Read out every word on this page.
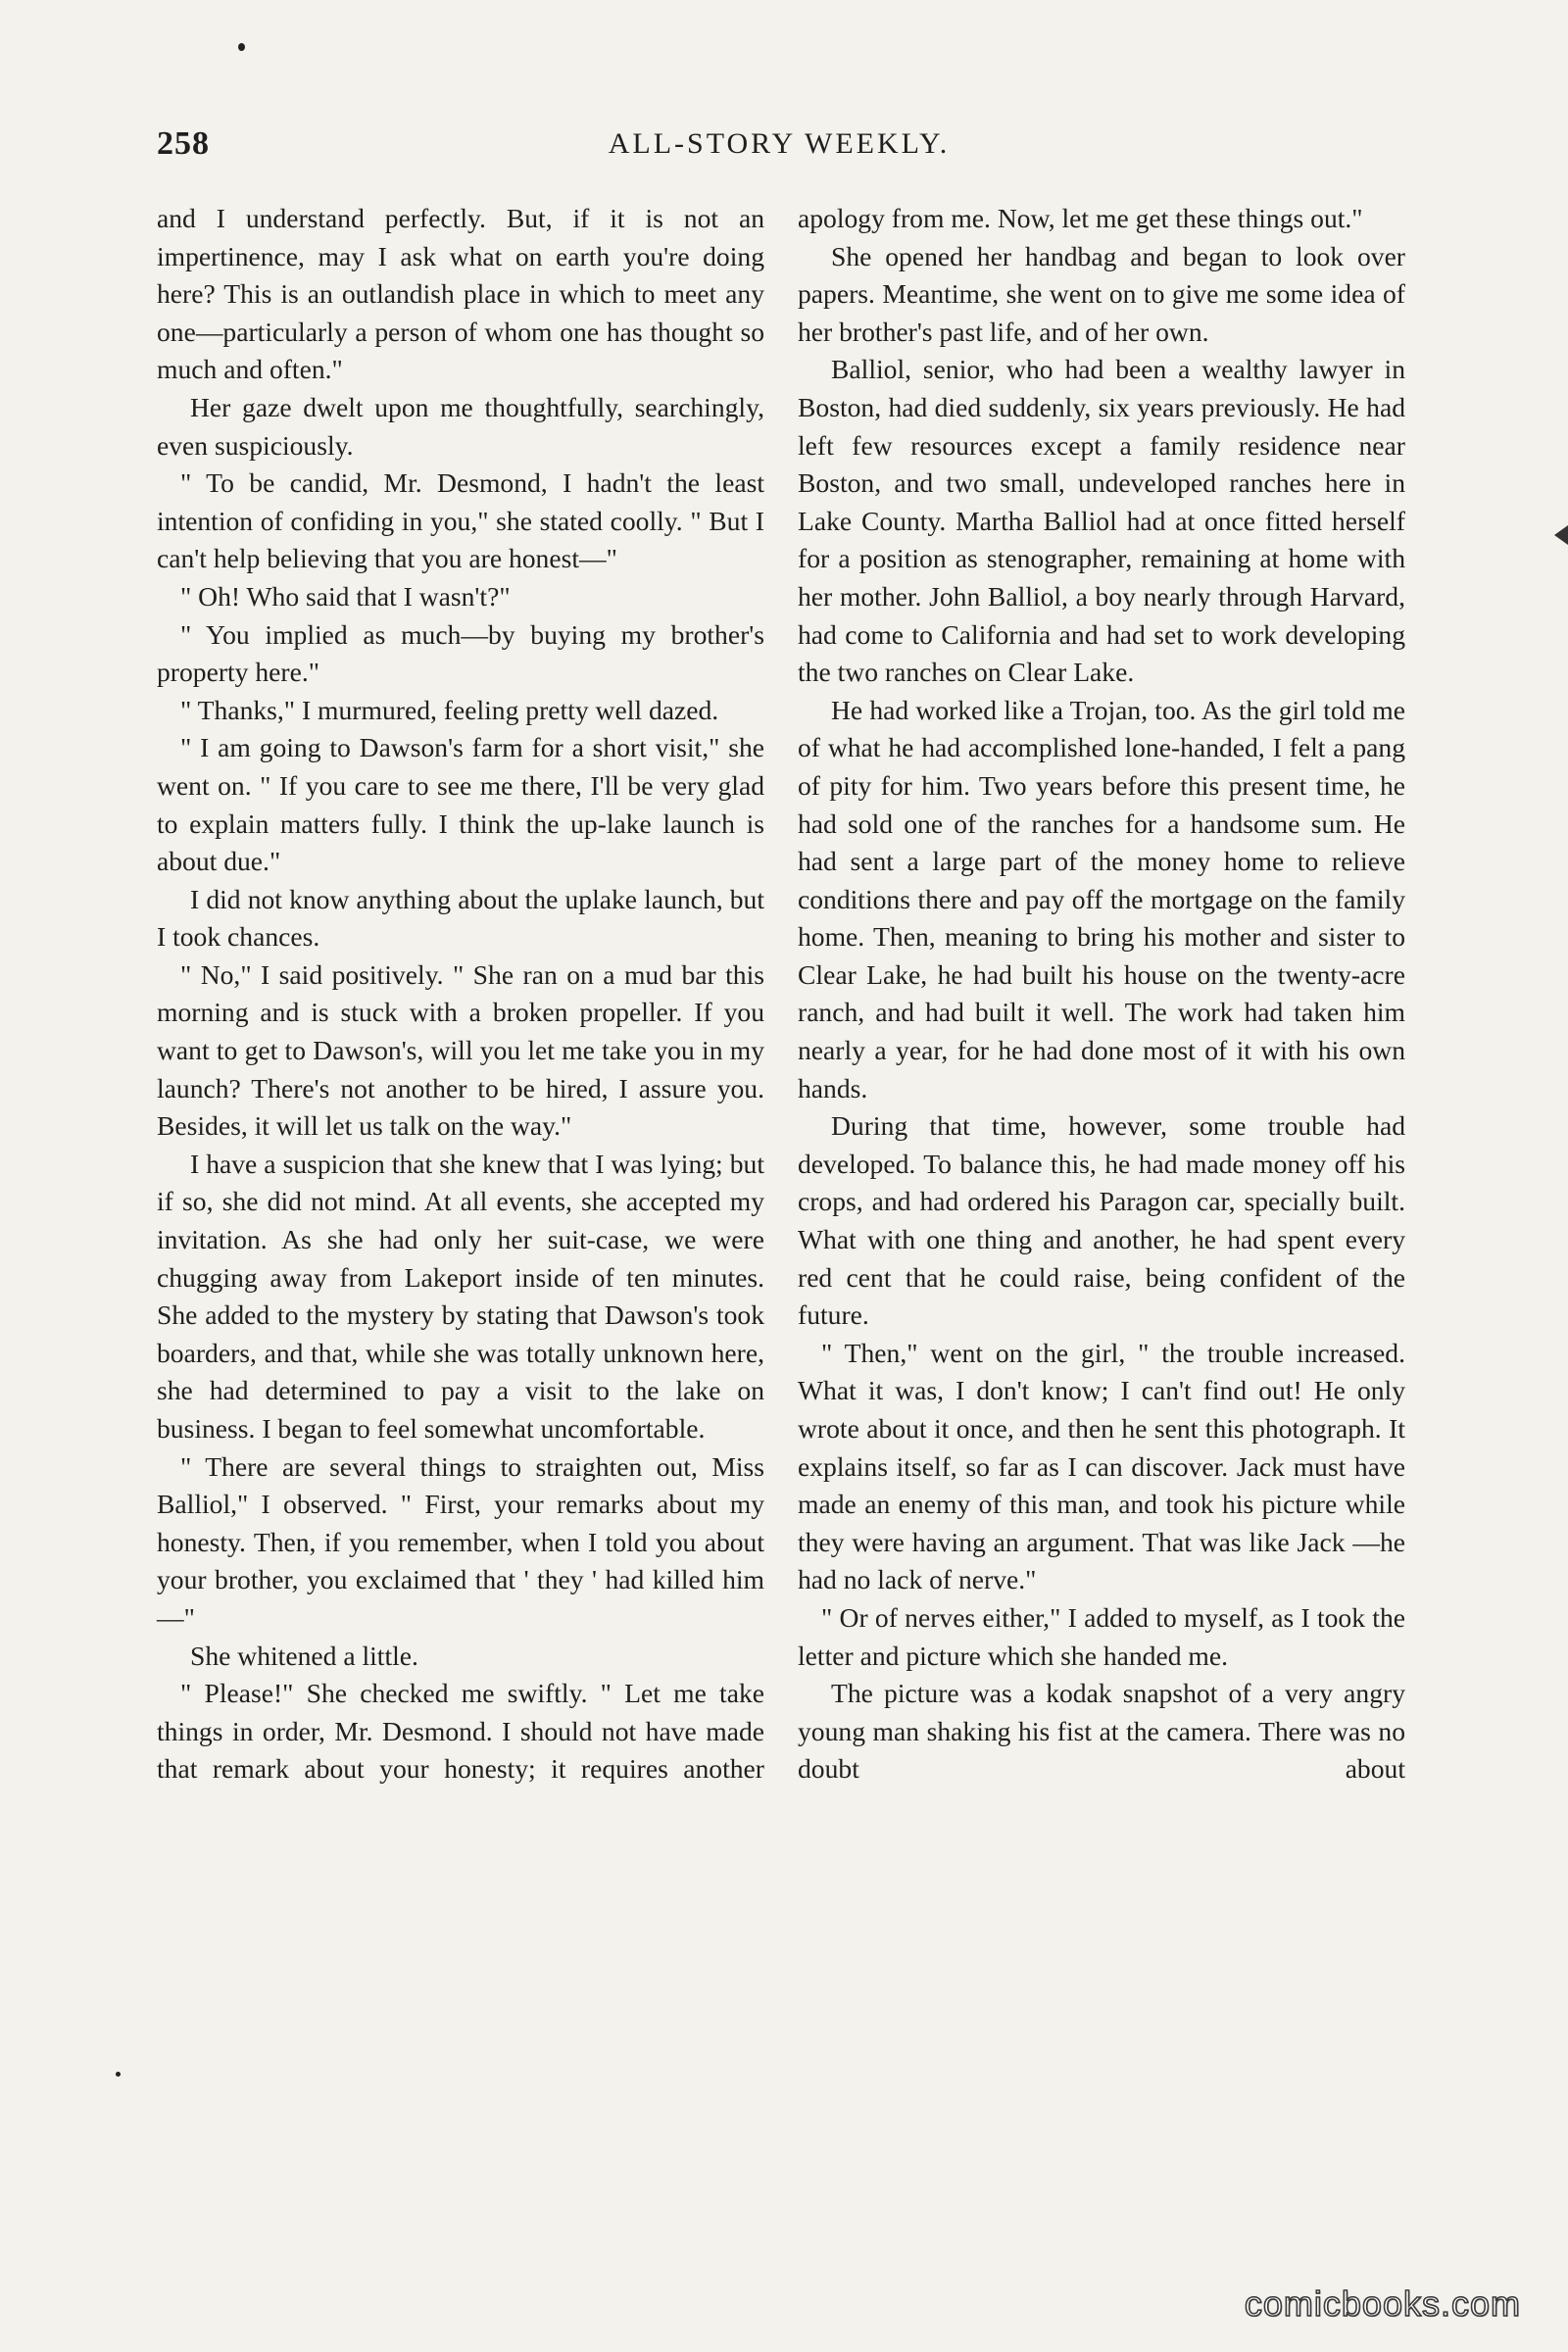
258	ALL-STORY WEEKLY.

and I understand perfectly. But, if it is not an impertinence, may I ask what on earth you're doing here? This is an outlandish place in which to meet any one—particularly a person of whom one has thought so much and often."

Her gaze dwelt upon me thoughtfully, searchingly, even suspiciously.

" To be candid, Mr. Desmond, I hadn't the least intention of confiding in you," she stated coolly. " But I can't help believing that you are honest—"

" Oh! Who said that I wasn't?"

" You implied as much—by buying my brother's property here."

" Thanks," I murmured, feeling pretty well dazed.

" I am going to Dawson's farm for a short visit," she went on. " If you care to see me there, I'll be very glad to explain matters fully. I think the up-lake launch is about due."

I did not know anything about the uplake launch, but I took chances.

" No," I said positively. " She ran on a mud bar this morning and is stuck with a broken propeller. If you want to get to Dawson's, will you let me take you in my launch? There's not another to be hired, I assure you. Besides, it will let us talk on the way."

I have a suspicion that she knew that I was lying; but if so, she did not mind. At all events, she accepted my invitation. As she had only her suit-case, we were chugging away from Lakeport inside of ten minutes. She added to the mystery by stating that Dawson's took boarders, and that, while she was totally unknown here, she had determined to pay a visit to the lake on business. I began to feel somewhat uncomfortable.

" There are several things to straighten out, Miss Balliol," I observed. " First, your remarks about my honesty. Then, if you remember, when I told you about your brother, you exclaimed that ' they ' had killed him—"

She whitened a little.

" Please!" She checked me swiftly. " Let me take things in order, Mr. Desmond. I should not have made that remark about your honesty; it requires another

apology from me. Now, let me get these things out."

She opened her handbag and began to look over papers. Meantime, she went on to give me some idea of her brother's past life, and of her own.

Balliol, senior, who had been a wealthy lawyer in Boston, had died suddenly, six years previously. He had left few resources except a family residence near Boston, and two small, undeveloped ranches here in Lake County. Martha Balliol had at once fitted herself for a position as stenographer, remaining at home with her mother. John Balliol, a boy nearly through Harvard, had come to California and had set to work developing the two ranches on Clear Lake.

He had worked like a Trojan, too. As the girl told me of what he had accomplished lone-handed, I felt a pang of pity for him. Two years before this present time, he had sold one of the ranches for a handsome sum. He had sent a large part of the money home to relieve conditions there and pay off the mortgage on the family home. Then, meaning to bring his mother and sister to Clear Lake, he had built his house on the twenty-acre ranch, and had built it well. The work had taken him nearly a year, for he had done most of it with his own hands.

During that time, however, some trouble had developed. To balance this, he had made money off his crops, and had ordered his Paragon car, specially built. What with one thing and another, he had spent every red cent that he could raise, being confident of the future.

" Then," went on the girl, " the trouble increased. What it was, I don't know; I can't find out! He only wrote about it once, and then he sent this photograph. It explains itself, so far as I can discover. Jack must have made an enemy of this man, and took his picture while they were having an argument. That was like Jack —he had no lack of nerve."

" Or of nerves either," I added to myself, as I took the letter and picture which she handed me.

The picture was a kodak snapshot of a very angry young man shaking his fist at the camera. There was no doubt about

comicbooks.com
